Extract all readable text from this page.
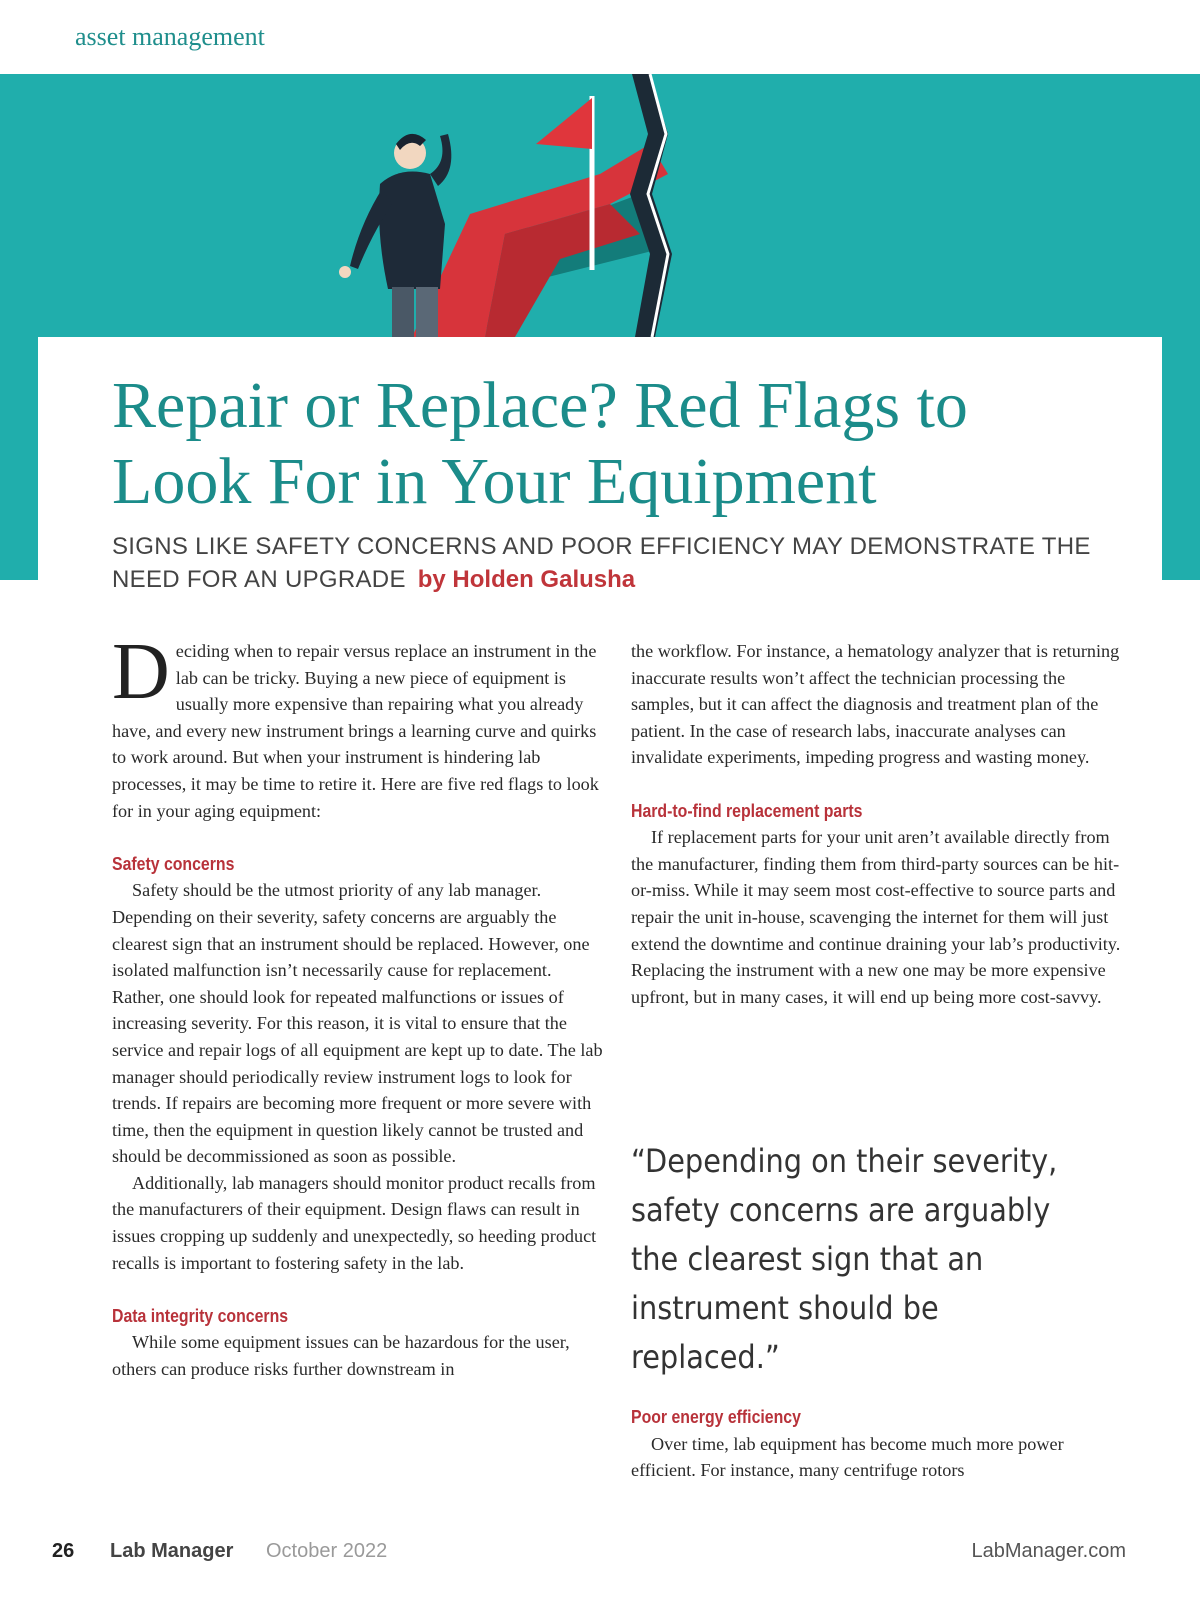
asset management
Repair or Replace? Red Flags to Look For in Your Equipment
SIGNS LIKE SAFETY CONCERNS AND POOR EFFICIENCY MAY DEMONSTRATE THE NEED FOR AN UPGRADE by Holden Galusha

Deciding when to repair versus replace an instrument in the lab can be tricky. Buying a new piece of equipment is usually more expensive than repairing what you already have, and every new instrument brings a learning curve and quirks to work around. But when your instrument is hindering lab processes, it may be time to retire it. Here are five red flags to look for in your aging equipment:

Safety concerns

Safety should be the utmost priority of any lab manager. Depending on their severity, safety concerns are arguably the clearest sign that an instrument should be replaced. However, one isolated malfunction isn’t necessarily cause for replacement. Rather, one should look for repeated malfunctions or issues of increasing severity. For this reason, it is vital to ensure that the service and repair logs of all equipment are kept up to date. The lab manager should periodically review instrument logs to look for trends. If repairs are becoming more frequent or more severe with time, then the equipment in question likely cannot be trusted and should be decommissioned as soon as possible.

Additionally, lab managers should monitor product recalls from the manufacturers of their equipment. Design flaws can result in issues cropping up suddenly and unexpectedly, so heeding product recalls is important to fostering safety in the lab.

Data integrity concerns

While some equipment issues can be hazardous for the user, others can produce risks further downstream in

the workflow. For instance, a hematology analyzer that is returning inaccurate results won’t affect the technician processing the samples, but it can affect the diagnosis and treatment plan of the patient. In the case of research labs, inaccurate analyses can invalidate experiments, impeding progress and wasting money.

Hard-to-find replacement parts

If replacement parts for your unit aren’t available directly from the manufacturer, finding them from third-party sources can be hit-or-miss. While it may seem most cost-effective to source parts and repair the unit in-house, scavenging the internet for them will just extend the downtime and continue draining your lab’s productivity. Replacing the instrument with a new one may be more expensive upfront, but in many cases, it will end up being more cost-savvy.

“Depending on their severity, safety concerns are arguably the clearest sign that an instrument should be replaced.”
Poor energy efficiency

Over time, lab equipment has become much more power efficient. For instance, many centrifuge rotors

26 Lab Manager October 2022	LabManager.com
